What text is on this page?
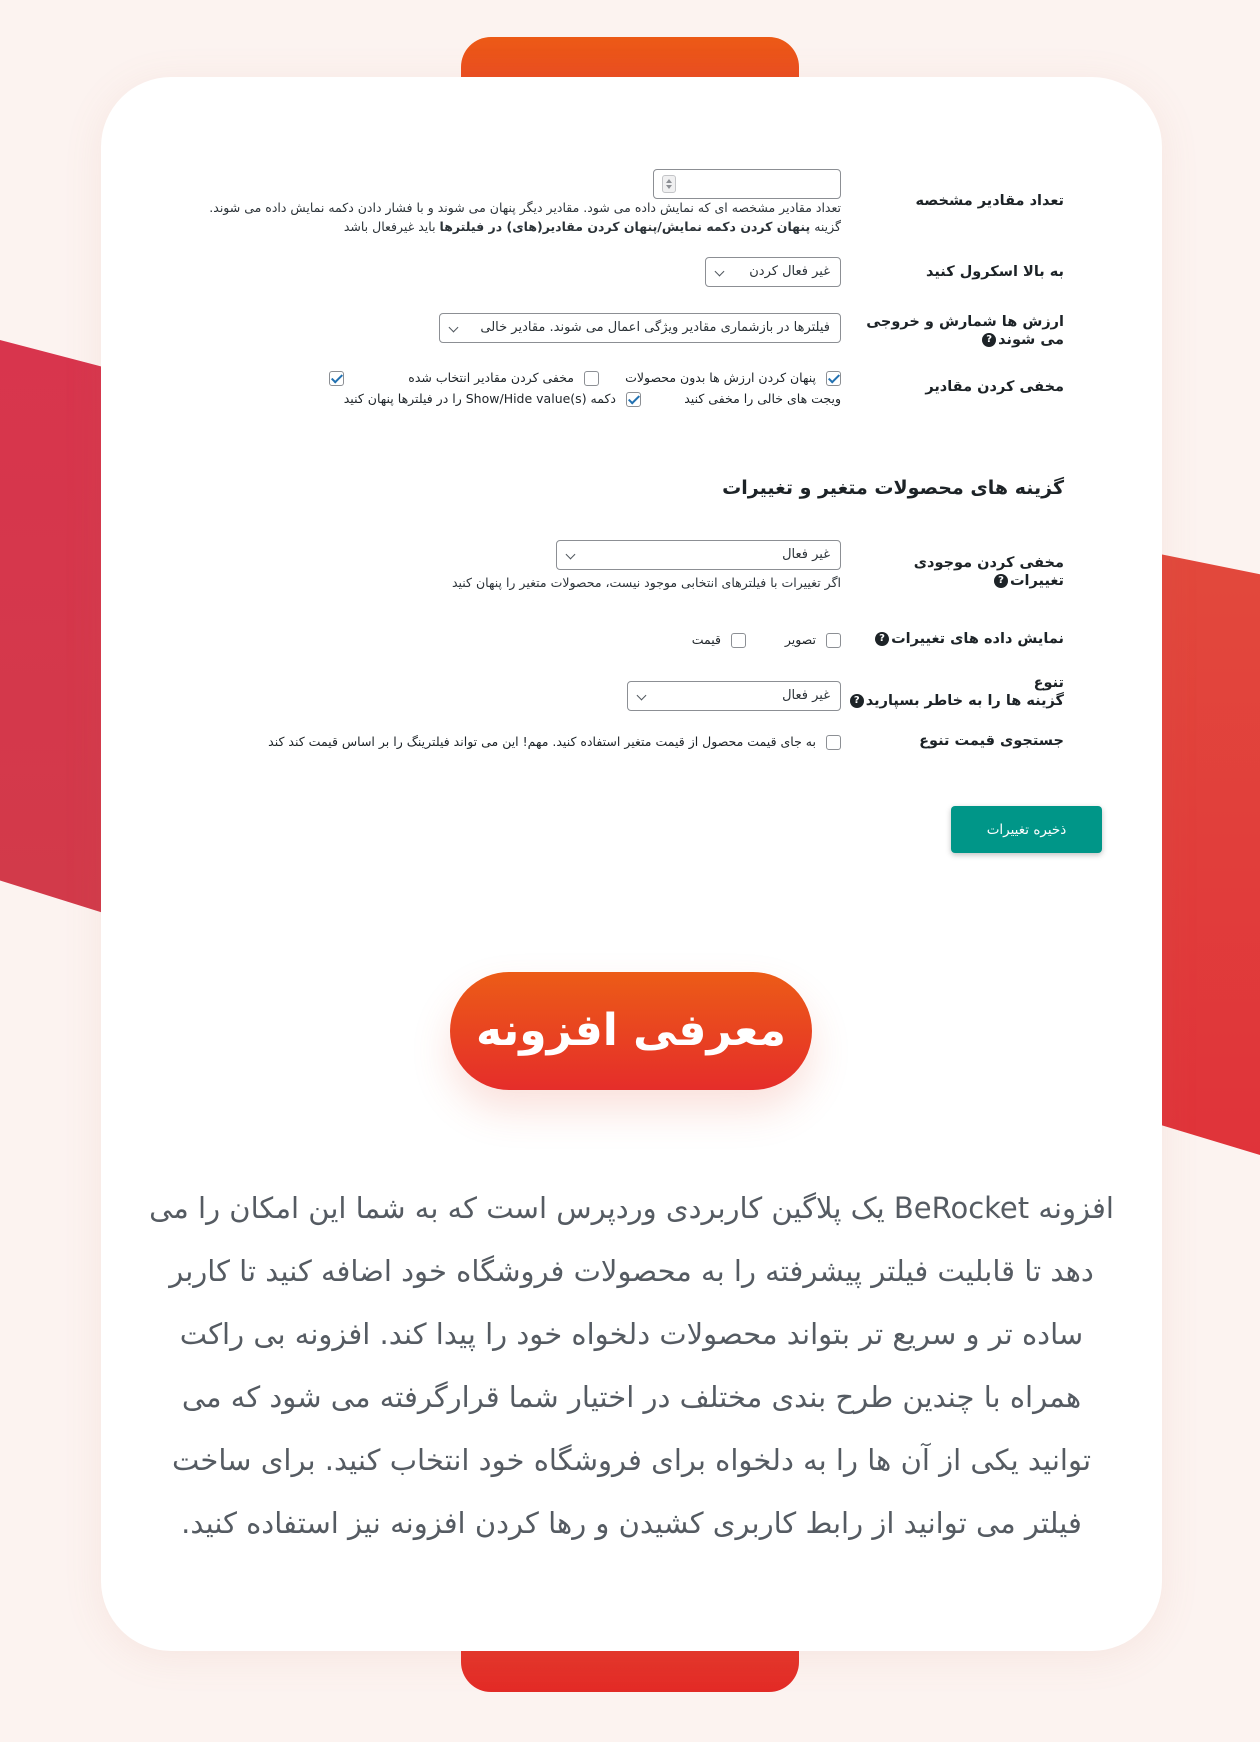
تعداد مقادیر مشخصه
تعداد مقادیر مشخصه ای که نمایش داده می شود. مقادیر دیگر پنهان می شوند و با فشار دادن دکمه نمایش داده می شوند.
گزینه پنهان کردن دکمه نمایش/پنهان کردن مقادیر(های) در فیلترها باید غیرفعال باشد
به بالا اسکرول کنید
غیر فعال کردن
ارزش ها شمارش و خروجی می شوند?
فیلترها در بازشماری مقادیر ویژگی اعمال می شوند. مقادیر خالی
مخفی کردن مقادیر
پنهان کردن ارزش ها بدون محصولات
مخفی کردن مقادیر انتخاب شده
ویجت های خالی را مخفی کنید
دکمه Show/Hide value(s) را در فیلترها پنهان کنید
گزینه های محصولات متغیر و تغییرات
مخفی کردن موجودی تغییرات?
غیر فعال
اگر تغییرات با فیلترهای انتخابی موجود نیست، محصولات متغیر را پنهان کنید
نمایش داده های تغییرات?
تصویر
قیمت
تنوع
گزینه ها را به خاطر بسپارید?
غیر فعال
جستجوی قیمت تنوع
به جای قیمت محصول از قیمت متغیر استفاده کنید. مهم! این می تواند فیلترینگ را بر اساس قیمت کند کند
ذخیره تغییرات
معرفی افزونه
افزونه BeRocket یک پلاگین کاربردی وردپرس است که به شما این امکان را می دهد تا قابلیت فیلتر پیشرفته را به محصولات فروشگاه خود اضافه کنید تا کاربر ساده تر و سریع تر بتواند محصولات دلخواه خود را پیدا کند. افزونه بی راکت همراه با چندین طرح بندی مختلف در اختیار شما قرارگرفته می شود که می توانید یکی از آن ها را به دلخواه برای فروشگاه خود انتخاب کنید. برای ساخت فیلتر می توانید از رابط کاربری کشیدن و رها کردن افزونه نیز استفاده کنید.
